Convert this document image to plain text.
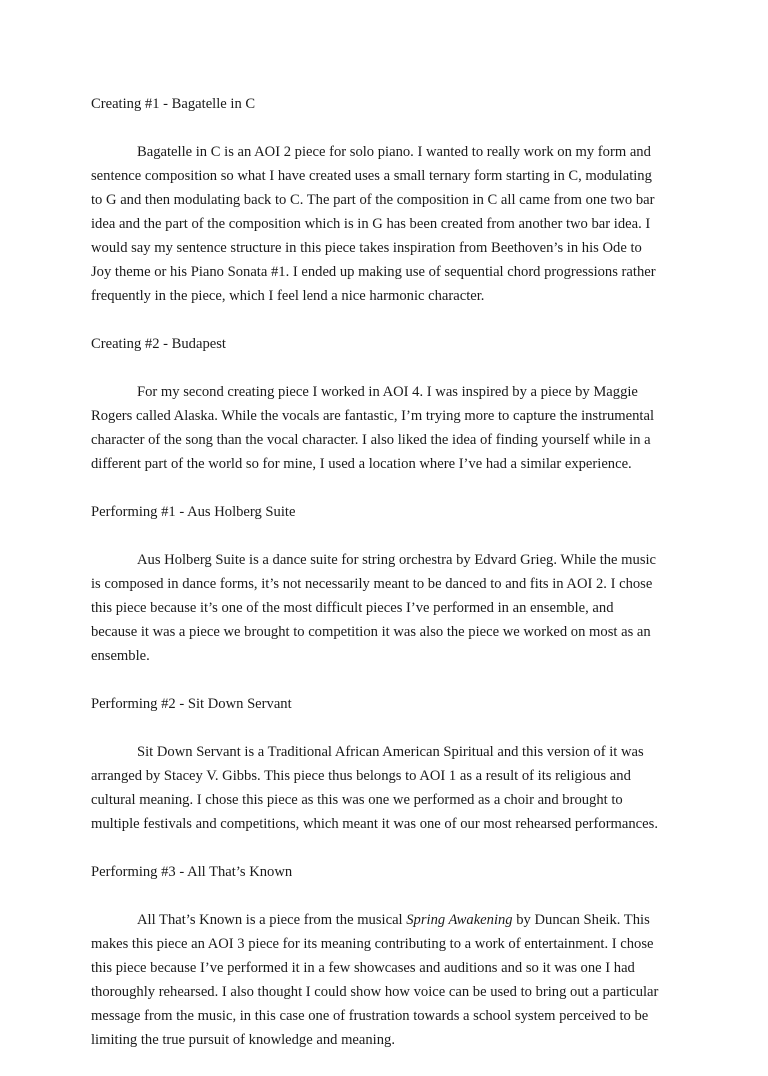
Creating #1 - Bagatelle in C

Bagatelle in C is an AOI 2 piece for solo piano. I wanted to really work on my form and
sentence composition so what I have created uses a small ternary form starting in C, modulating
to G and then modulating back to C. The part of the composition in C all came from one two bar
idea and the part of the composition which is in G has been created from another two bar idea. I
would say my sentence structure in this piece takes inspiration from Beethoven’s in his Ode to
Joy theme or his Piano Sonata #1. I ended up making use of sequential chord progressions rather
frequently in the piece, which I feel lend a nice harmonic character.

Creating #2 - Budapest

For my second creating piece I worked in AOI 4. I was inspired by a piece by Maggie
Rogers called Alaska. While the vocals are fantastic, I’m trying more to capture the instrumental
character of the song than the vocal character. I also liked the idea of finding yourself while in a
different part of the world so for mine, I used a location where I’ve had a similar experience.

Performing #1 - Aus Holberg Suite

Aus Holberg Suite is a dance suite for string orchestra by Edvard Grieg. While the music
is composed in dance forms, it’s not necessarily meant to be danced to and fits in AOI 2. I chose
this piece because it’s one of the most difficult pieces I’ve performed in an ensemble, and
because it was a piece we brought to competition it was also the piece we worked on most as an
ensemble.

Performing #2 - Sit Down Servant

Sit Down Servant is a Traditional African American Spiritual and this version of it was
arranged by Stacey V. Gibbs. This piece thus belongs to AOI 1 as a result of its religious and
cultural meaning. I chose this piece as this was one we performed as a choir and brought to
multiple festivals and competitions, which meant it was one of our most rehearsed performances.

Performing #3 - All That’s Known

All That’s Known is a piece from the musical Spring Awakening by Duncan Sheik. This
makes this piece an AOI 3 piece for its meaning contributing to a work of entertainment. I chose
this piece because I’ve performed it in a few showcases and auditions and so it was one I had
thoroughly rehearsed. I also thought I could show how voice can be used to bring out a particular
message from the music, in this case one of frustration towards a school system perceived to be
limiting the true pursuit of knowledge and meaning.
